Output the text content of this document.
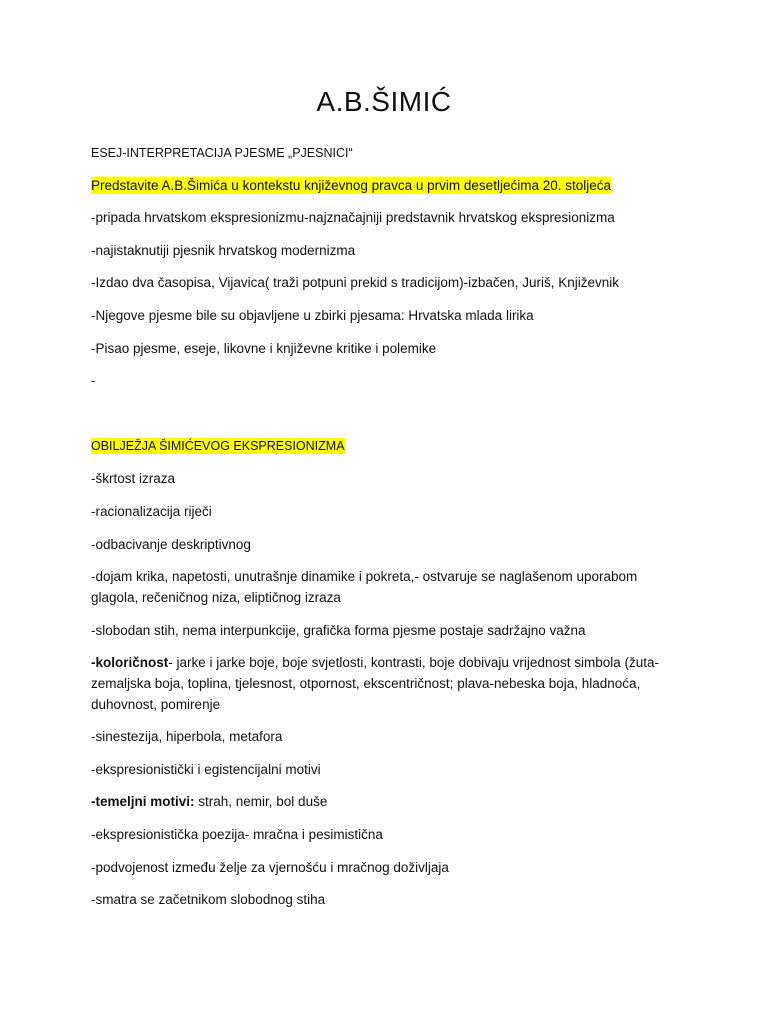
A.B.ŠIMIĆ

ESEJ-INTERPRETACIJA PJESME „PJESNICI“

Predstavite A.B.Šimića u kontekstu književnog pravca u prvim desetljećima 20. stoljeća

-pripada hrvatskom ekspresionizmu-najznačajniji predstavnik hrvatskog ekspresionizma

-najistaknutiji pjesnik hrvatskog modernizma

-Izdao dva časopisa, Vijavica( traži potpuni prekid s tradicijom)-izbačen, Juriš, Književnik

-Njegove pjesme bile su objavljene u zbirki pjesama: Hrvatska mlada lirika

-Pisao pjesme, eseje, likovne i književne kritike i polemike

-

OBILJEŽJA ŠIMIĆEVOG EKSPRESIONIZMA

-škrtost izraza

-racionalizacija riječi

-odbacivanje deskriptivnog

-dojam krika, napetosti, unutrašnje dinamike i pokreta,- ostvaruje se naglašenom uporabom glagola, rečeničnog niza, eliptičnog izraza

-slobodan stih, nema interpunkcije, grafička forma pjesme postaje sadržajno važna

-koloričnost- jarke i jarke boje, boje svjetlosti, kontrasti, boje dobivaju vrijednost simbola (žuta-zemaljska boja, toplina, tjelesnost, otpornost, ekscentričnost; plava-nebeska boja, hladnoća, duhovnost, pomirenje

-sinestezija, hiperbola, metafora

-ekspresionistički i egistencijalni motivi

-temeljni motivi: strah, nemir, bol duše

-ekspresionistička poezija- mračna i pesimistična

-podvojenost između želje za vjernošću i mračnog doživljaja

-smatra se začetnikom slobodnog stiha
